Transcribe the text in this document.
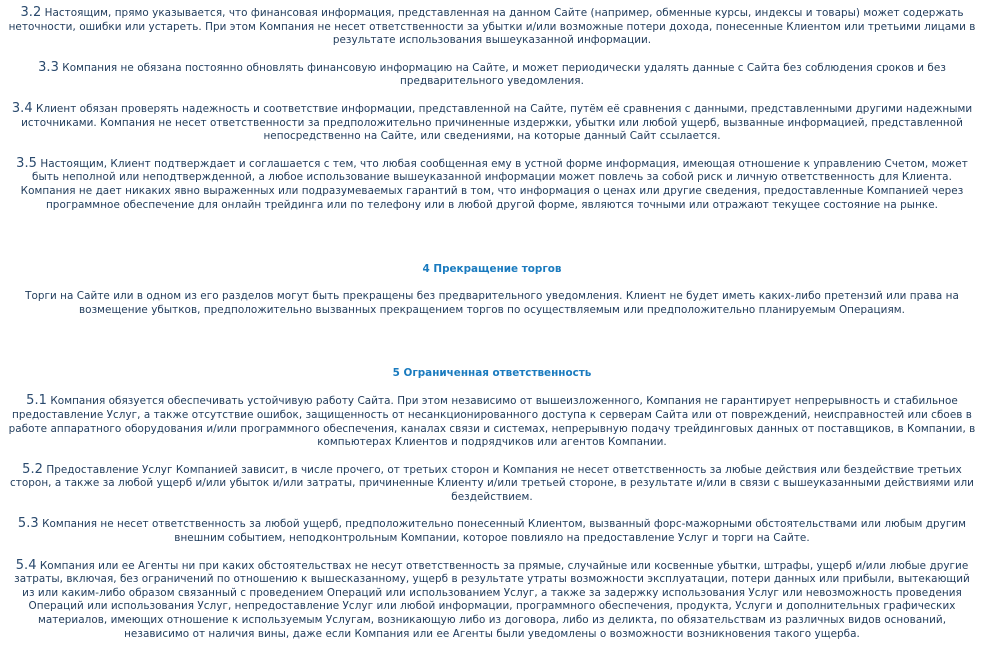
3.2 Настоящим, прямо указывается, что финансовая информация, представленная на данном Сайте (например, обменные курсы, индексы и товары) может содержать неточности, ошибки или устареть. При этом Компания не несет ответственности за убытки и/или возможные потери дохода, понесенные Клиентом или третьими лицами в результате использования вышеуказанной информации.

3.3 Компания не обязана постоянно обновлять финансовую информацию на Сайте, и может периодически удалять данные с Сайта без соблюдения сроков и без предварительного уведомления.

3.4 Клиент обязан проверять надежность и соответствие информации, представленной на Сайте, путём её сравнения с данными, представленными другими надежными источниками. Компания не несет ответственности за предположительно причиненные издержки, убытки или любой ущерб, вызванные информацией, представленной непосредственно на Сайте, или сведениями, на которые данный Сайт ссылается.

3.5 Настоящим, Клиент подтверждает и соглашается с тем, что любая сообщенная ему в устной форме информация, имеющая отношение к управлению Счетом, может быть неполной или неподтвержденной, а любое использование вышеуказанной информации может повлечь за собой риск и личную ответственность для Клиента. Компания не дает никаких явно выраженных или подразумеваемых гарантий в том, что информация о ценах или другие сведения, предоставленные Компанией через программное обеспечение для онлайн трейдинга или по телефону или в любой другой форме, являются точными или отражают текущее состояние на рынке.

4 Прекращение торгов

Торги на Сайте или в одном из его разделов могут быть прекращены без предварительного уведомления. Клиент не будет иметь каких-либо претензий или права на возмещение убытков, предположительно вызванных прекращением торгов по осуществляемым или предположительно планируемым Операциям.

5 Ограниченная ответственность

5.1 Компания обязуется обеспечивать устойчивую работу Сайта. При этом независимо от вышеизложенного, Компания не гарантирует непрерывность и стабильное предоставление Услуг, а также отсутствие ошибок, защищенность от несанкционированного доступа к серверам Сайта или от повреждений, неисправностей или сбоев в работе аппаратного оборудования и/или программного обеспечения, каналах связи и системах, непрерывную подачу трейдинговых данных от поставщиков, в Компании, в компьютерах Клиентов и подрядчиков или агентов Компании.

5.2 Предоставление Услуг Компанией зависит, в числе прочего, от третьих сторон и Компания не несет ответственность за любые действия или бездействие третьих сторон, а также за любой ущерб и/или убыток и/или затраты, причиненные Клиенту и/или третьей стороне, в результате и/или в связи с вышеуказанными действиями или бездействием.

5.3 Компания не несет ответственность за любой ущерб, предположительно понесенный Клиентом, вызванный форс-мажорными обстоятельствами или любым другим внешним событием, неподконтрольным Компании, которое повлияло на предоставление Услуг и торги на Сайте.

5.4 Компания или ее Агенты ни при каких обстоятельствах не несут ответственность за прямые, случайные или косвенные убытки, штрафы, ущерб и/или любые другие затраты, включая, без ограничений по отношению к вышесказанному, ущерб в результате утраты возможности эксплуатации, потери данных или прибыли, вытекающий из или каким-либо образом связанный с проведением Операций или использованием Услуг, а также за задержку использования Услуг или невозможность проведения Операций или использования Услуг, непредоставление Услуг или любой информации, программного обеспечения, продукта, Услуги и дополнительных графических материалов, имеющих отношение к используемым Услугам, возникающую либо из договора, либо из деликта, по обязательствам из различных видов оснований, независимо от наличия вины, даже если Компания или ее Агенты были уведомлены о возможности возникновения такого ущерба.
